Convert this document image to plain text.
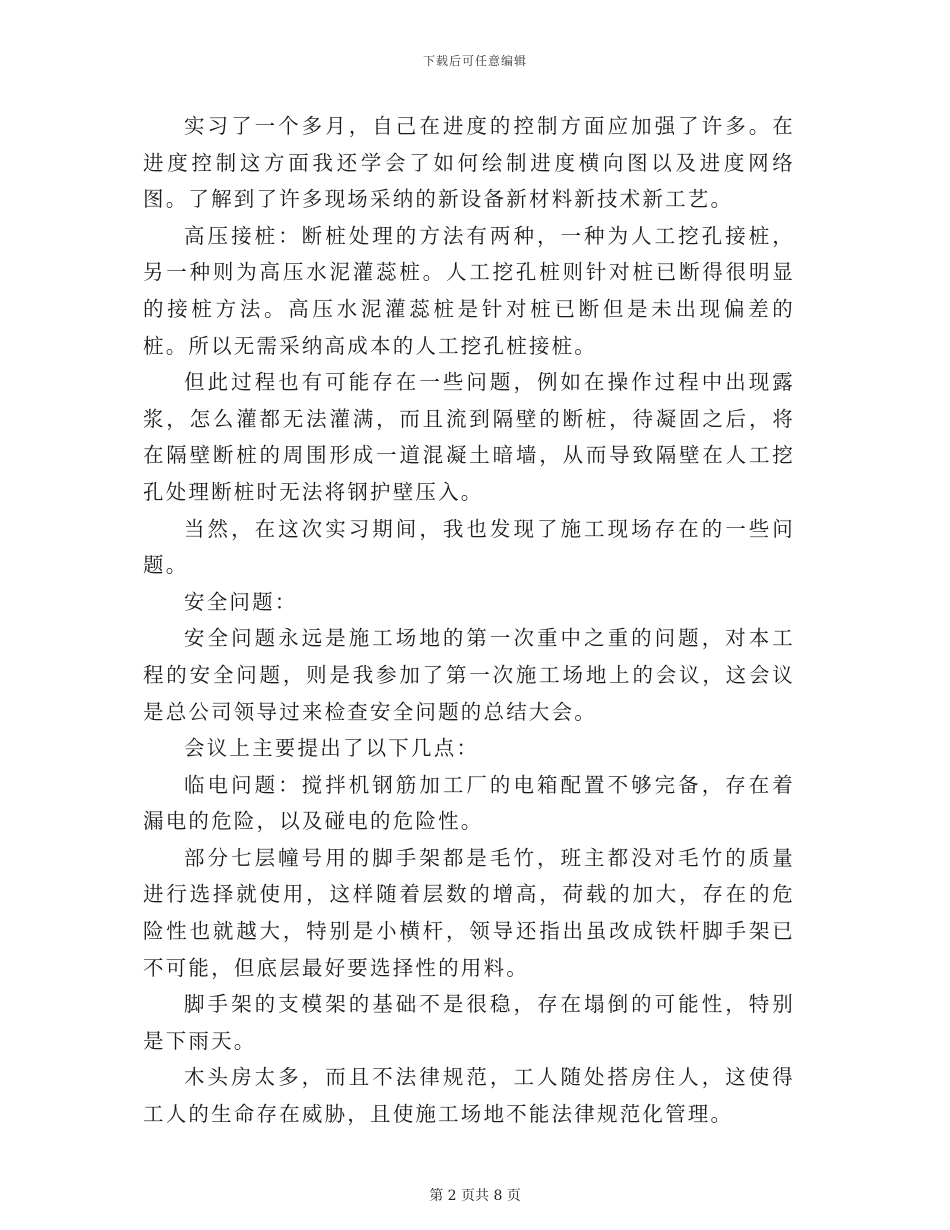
下载后可任意编辑

实习了一个多月，自己在进度的控制方面应加强了许多。在进度控制这方面我还学会了如何绘制进度横向图以及进度网络图。了解到了许多现场采纳的新设备新材料新技术新工艺。

高压接桩：断桩处理的方法有两种，一种为人工挖孔接桩，另一种则为高压水泥灌蕊桩。人工挖孔桩则针对桩已断得很明显的接桩方法。高压水泥灌蕊桩是针对桩已断但是未出现偏差的桩。所以无需采纳高成本的人工挖孔桩接桩。

但此过程也有可能存在一些问题，例如在操作过程中出现露浆，怎么灌都无法灌满，而且流到隔壁的断桩，待凝固之后，将在隔壁断桩的周围形成一道混凝土暗墙，从而导致隔壁在人工挖孔处理断桩时无法将钢护壁压入。

当然，在这次实习期间，我也发现了施工现场存在的一些问题。

安全问题：

安全问题永远是施工场地的第一次重中之重的问题，对本工程的安全问题，则是我参加了第一次施工场地上的会议，这会议是总公司领导过来检查安全问题的总结大会。

会议上主要提出了以下几点：

临电问题：搅拌机钢筋加工厂的电箱配置不够完备，存在着漏电的危险，以及碰电的危险性。

部分七层幢号用的脚手架都是毛竹，班主都没对毛竹的质量进行选择就使用，这样随着层数的增高，荷载的加大，存在的危险性也就越大，特别是小横杆，领导还指出虽改成铁杆脚手架已不可能，但底层最好要选择性的用料。

脚手架的支模架的基础不是很稳，存在塌倒的可能性，特别是下雨天。

木头房太多，而且不法律规范，工人随处搭房住人，这使得工人的生命存在威胁，且使施工场地不能法律规范化管理。

第 2 页共 8 页
